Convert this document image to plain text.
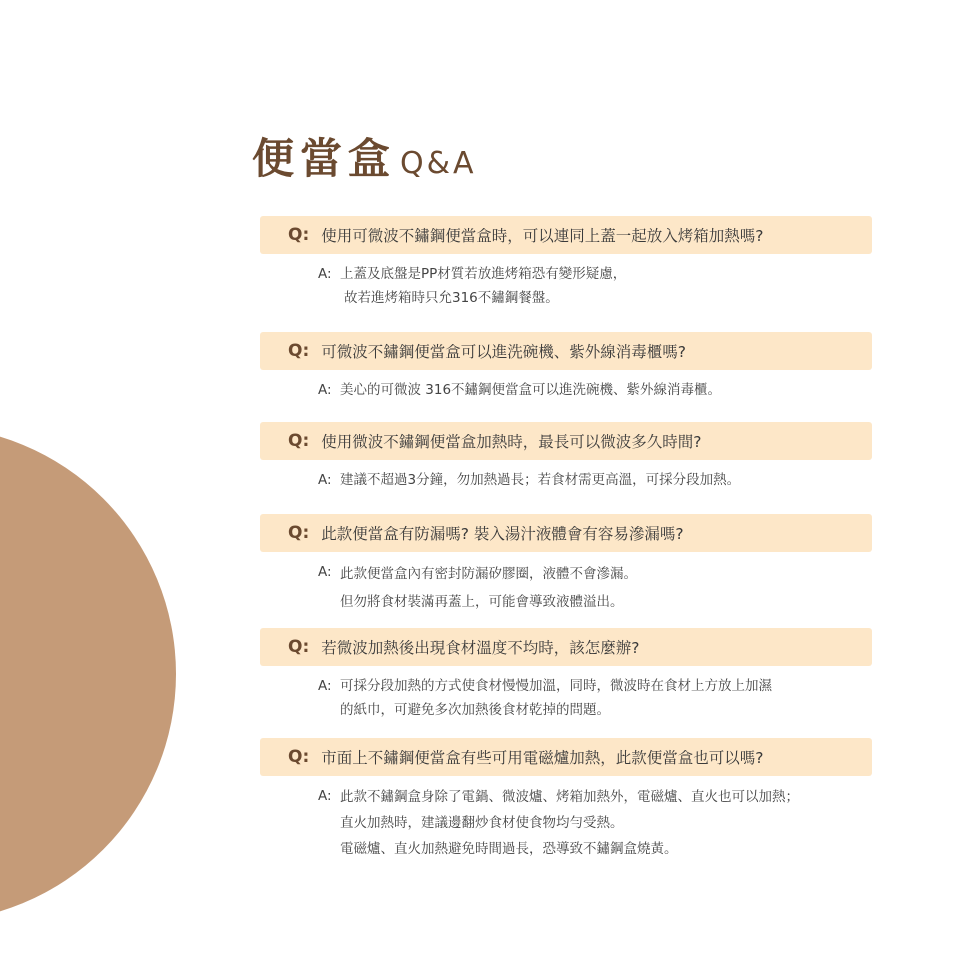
便當盒 Q&A
Q: 使用可微波不鏽鋼便當盒時，可以連同上蓋一起放入烤箱加熱嗎?
A: 上蓋及底盤是PP材質若放進烤箱恐有變形疑慮，
故若進烤箱時只允316不鏽鋼餐盤。
Q: 可微波不鏽鋼便當盒可以進洗碗機、紫外線消毒櫃嗎?
A: 美心的可微波 316不鏽鋼便當盒可以進洗碗機、紫外線消毒櫃。
Q: 使用微波不鏽鋼便當盒加熱時，最長可以微波多久時間?
A: 建議不超過3分鐘，勿加熱過長；若食材需更高溫，可採分段加熱。
Q: 此款便當盒有防漏嗎? 裝入湯汁液體會有容易滲漏嗎?
A: 此款便當盒內有密封防漏矽膠圈，液體不會滲漏。
但勿將食材裝滿再蓋上，可能會導致液體溢出。
Q: 若微波加熱後出現食材溫度不均時，該怎麼辦?
A: 可採分段加熱的方式使食材慢慢加溫，同時，微波時在食材上方放上加濕
的紙巾，可避免多次加熱後食材乾掉的問題。
Q: 市面上不鏽鋼便當盒有些可用電磁爐加熱，此款便當盒也可以嗎?
A: 此款不鏽鋼盒身除了電鍋、微波爐、烤箱加熱外，電磁爐、直火也可以加熱；
直火加熱時，建議邊翻炒食材使食物均勻受熱。
電磁爐、直火加熱避免時間過長，恐導致不鏽鋼盒燒黃。
